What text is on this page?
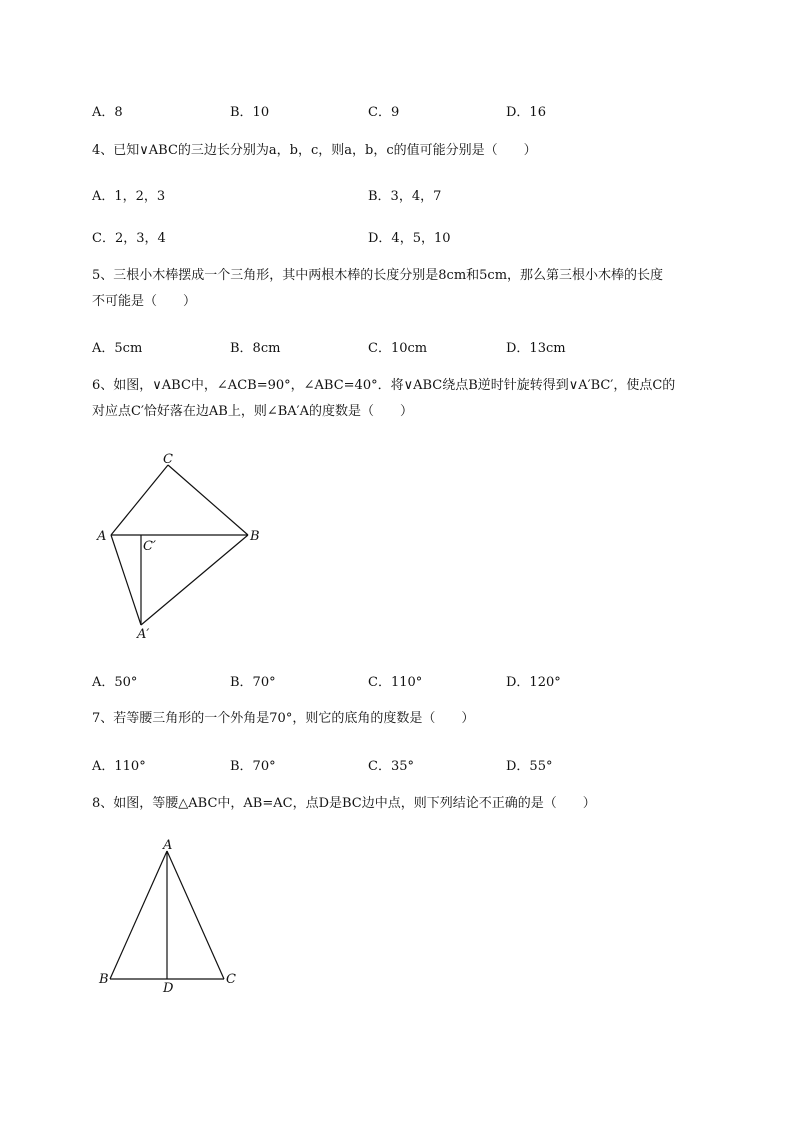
A．8	B．10	C．9	D．16
4、已知∨ABC的三边长分别为a，b，c，则a，b，c的值可能分别是（　　）
A．1，2，3	B．3，4，7
C．2，3，4	D．4，5，10
5、三根小木棒摆成一个三角形，其中两根木棒的长度分别是8cm和5cm，那么第三根小木棒的长度
不可能是（　　）
A．5cm	B．8cm	C．10cm	D．13cm
6、如图，∨ABC中，∠ACB=90°，∠ABC=40°．将∨ABC绕点B逆时针旋转得到∨A′BC′，使点C的
对应点C′恰好落在边AB上，则∠BA′A的度数是（　　）
C
A	B
C′
A′
A．50°	B．70°	C．110°	D．120°
7、若等腰三角形的一个外角是70°，则它的底角的度数是（　　）
A．110°	B．70°	C．35°	D．55°
8、如图，等腰△ABC中，AB=AC，点D是BC边中点，则下列结论不正确的是（　　）
A
B	C
D
